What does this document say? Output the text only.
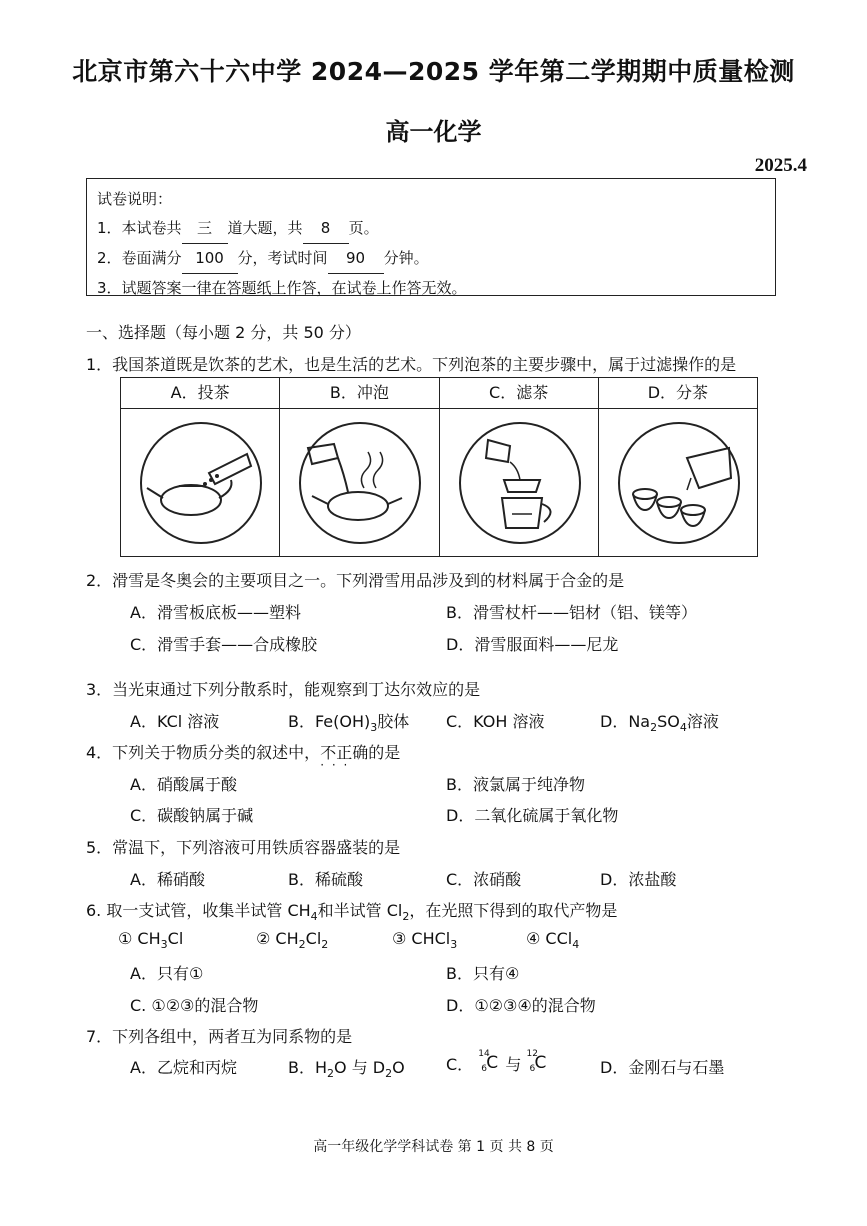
北京市第六十六中学 2024—2025 学年第二学期期中质量检测
高一化学
2025.4
试卷说明：
1．本试卷共 三 道大题，共 8 页。
2．卷面满分 100 分，考试时间 90 分钟。
3．试题答案一律在答题纸上作答，在试卷上作答无效。
一、选择题（每小题 2 分，共 50 分）
1．我国茶道既是饮茶的艺术，也是生活的艺术。下列泡茶的主要步骤中，属于过滤操作的是
A．投茶	B．冲泡	C．滤茶	D．分茶
2．滑雪是冬奥会的主要项目之一。下列滑雪用品涉及到的材料属于合金的是
A．滑雪板底板——塑料	B．滑雪杖杆——铝材（铝、镁等）
C．滑雪手套——合成橡胶	D．滑雪服面料——尼龙
3．当光束通过下列分散系时，能观察到丁达尔效应的是
A．KCl 溶液	B．$Fe(OH)_3$胶体 C．KOH 溶液	D．$Na_2SO_4$溶液
4．下列关于物质分类的叙述中，不正确 · · ·的是
A．硝酸属于酸	B．液氯属于纯净物
C．碳酸钠属于碱	D．二氧化硫属于氧化物
5．常温下，下列溶液可用铁质容器盛装的是
A．稀硝酸	B．稀硫酸	C．浓硝酸	D．浓盐酸
6. 取一支试管，收集半试管 $CH_4$和半试管 $Cl_2$，在光照下得到的取代产物是
① $CH_3Cl$	② $CH_2Cl_2$	③ CHCl$_3$	④ CCl$_4$
A．只有①	B．只有④
C. ①②③的混合物	D．①②③④的混合物
7．下列各组中，两者互为同系物的是
A．乙烷和丙烷	B．$H_2O$ 与 $D_2O$	C．
14
6 C 与
12
6 C	D．金刚石与石墨
高一年级化学学科试卷 第 1 页 共 8 页
